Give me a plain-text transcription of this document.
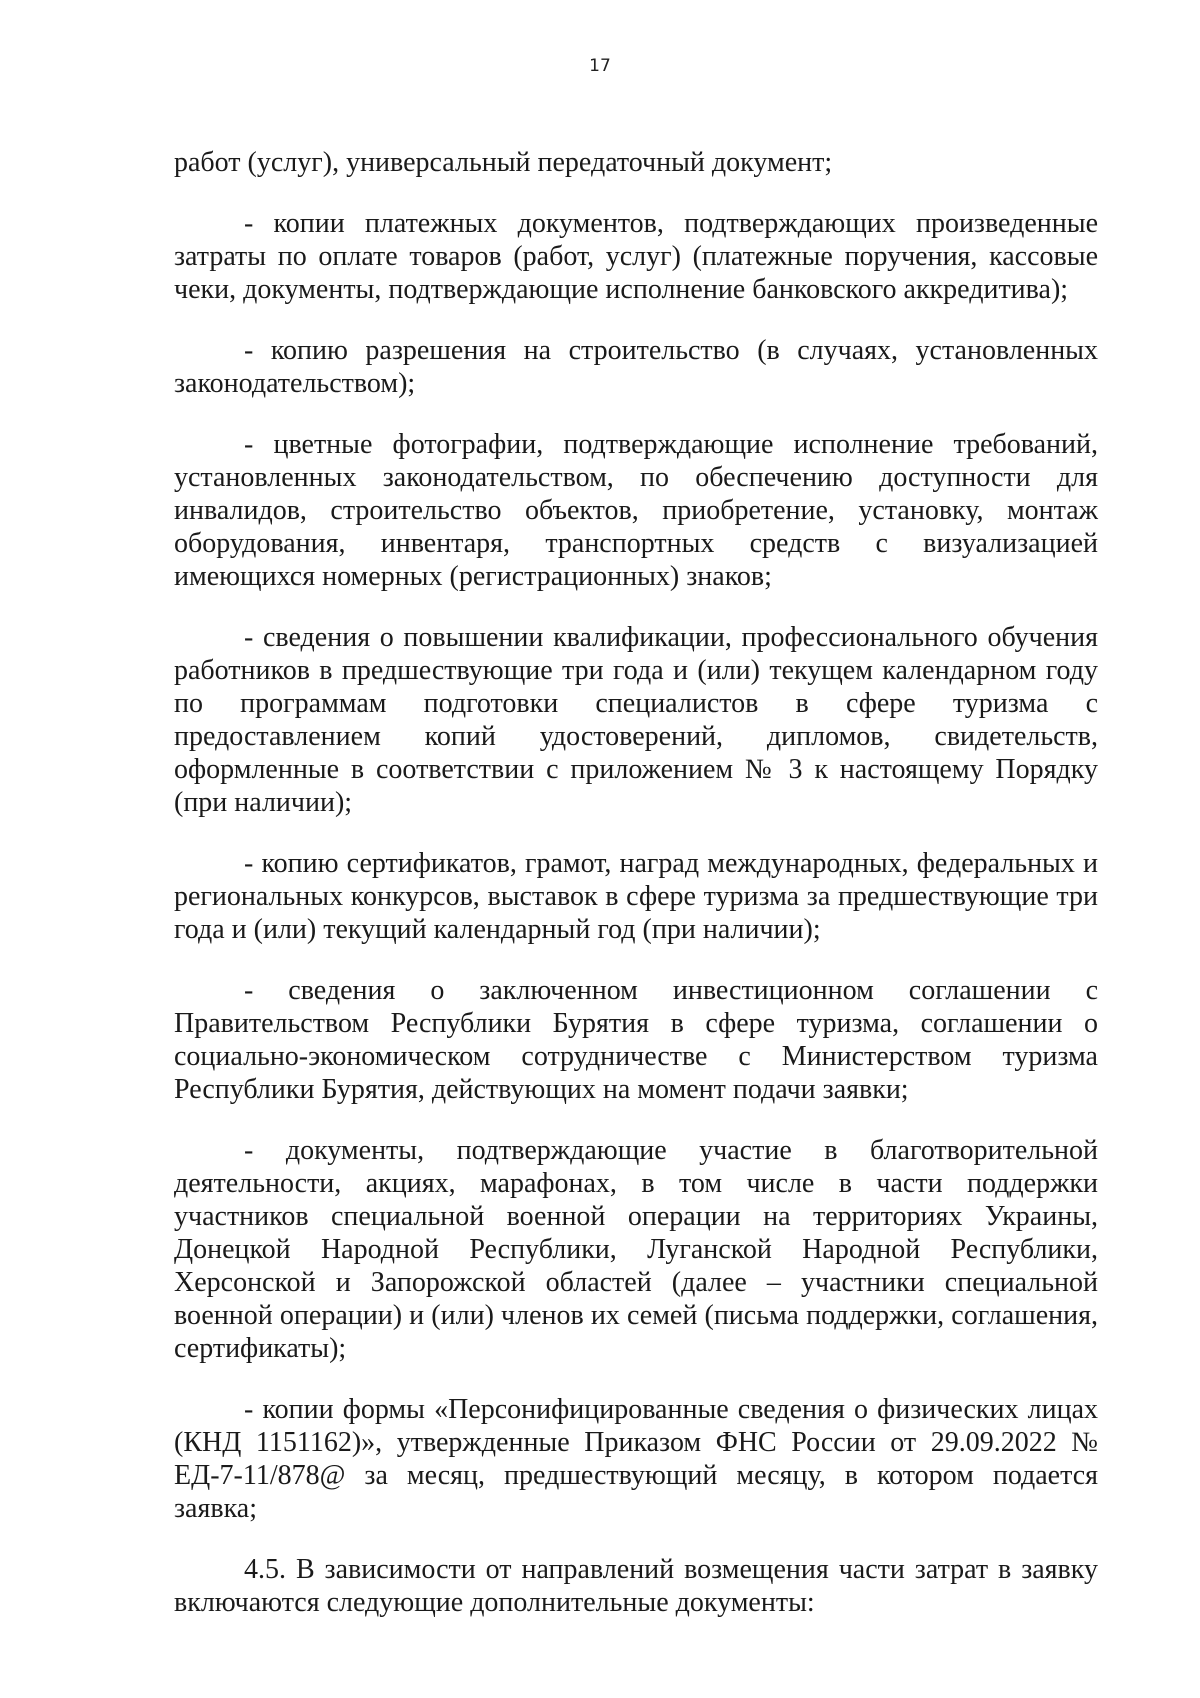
17

работ (услуг), универсальный передаточный документ;

- копии платежных документов, подтверждающих произведенные затраты по оплате товаров (работ, услуг) (платежные поручения, кассовые чеки, документы, подтверждающие исполнение банковского аккредитива);

- копию разрешения на строительство (в случаях, установленных законодательством);

- цветные фотографии, подтверждающие исполнение требований, установленных законодательством, по обеспечению доступности для инвалидов, строительство объектов, приобретение, установку, монтаж оборудования, инвентаря, транспортных средств с визуализацией имеющихся номерных (регистрационных) знаков;

- сведения о повышении квалификации, профессионального обучения работников в предшествующие три года и (или) текущем календарном году по программам подготовки специалистов в сфере туризма с предоставлением копий удостоверений, дипломов, свидетельств, оформленные в соответствии с приложением № 3 к настоящему Порядку (при наличии);

- копию сертификатов, грамот, наград международных, федеральных и региональных конкурсов, выставок в сфере туризма за предшествующие три года и (или) текущий календарный год (при наличии);

- сведения о заключенном инвестиционном соглашении с Правительством Республики Бурятия в сфере туризма, соглашении о социально-экономическом сотрудничестве с Министерством туризма Республики Бурятия, действующих на момент подачи заявки;

- документы, подтверждающие участие в благотворительной деятельности, акциях, марафонах, в том числе в части поддержки участников специальной военной операции на территориях Украины, Донецкой Народной Республики, Луганской Народной Республики, Херсонской и Запорожской областей (далее – участники специальной военной операции) и (или) членов их семей (письма поддержки, соглашения, сертификаты);

- копии формы «Персонифицированные сведения о физических лицах (КНД 1151162)», утвержденные Приказом ФНС России от 29.09.2022 № ЕД-7-11/878@ за месяц, предшествующий месяцу, в котором подается заявка;

4.5. В зависимости от направлений возмещения части затрат в заявку включаются следующие дополнительные документы:
